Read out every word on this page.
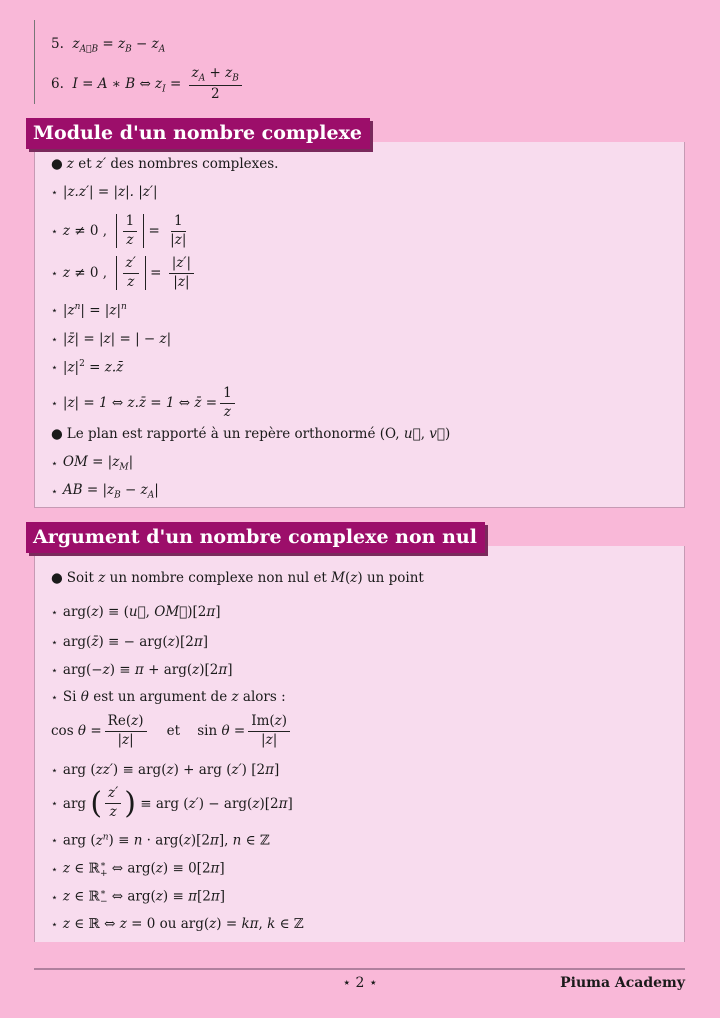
5.  $z_{A⃗B} = z_B - z_A$
6.  I = A ∗ B ⇔ $z_I = \frac{z_A + z_B}{2}$
Module d'un nombre complexe
● z
et
z′
des nombres complexes.
⋆ |z.z′| = |z|. |z′|
⋆ z ≠ 0 ,	$\frac{1}{z} = \frac{1}{|z|}$
⋆ z ≠ 0 ,	$\frac{z'}{z} = \frac{|z'|}{|z|}$
⋆ $|z^n| = |z|^n$
⋆ |z̄| = |z| = | − z|
⋆ $|z|^2$ = z.z̄
⋆ |z| = 1 ⇔ z.z̄ = 1 ⇔ z̄ = $\frac{1}{z}$
● Le plan est rapporté à un repère orthonormé
(O, u⃗, v⃗)
⋆ OM = $|z_M|$
⋆ AB = $|z_B - z_A|$
Argument d'un nombre complexe non nul
● Soit
z
un nombre complexe non nul et
M(z)
un point
⋆ arg(z) ≡ (u⃗, OM⃗)[2π]
⋆ arg(z̄) ≡ − arg(z)[2π]
⋆ arg(−z) ≡ π + arg(z)[2π]
⋆ Si
θ
est un argument de
z
alors :
$\cos \theta = \frac{Re(z)}{|z|}$	et    $\sin \theta = \frac{Im(z)}{|z|}$
⋆ arg (zz′) ≡ arg(z) + arg (z′) [2π]
⋆ arg ( $\frac{z'}{z}$ ) ≡ arg (z′) − arg(z)[2π]
⋆ arg $(z^n) \equiv n \cdot arg(z)[2\pi]$, n ∈ ℤ
⋆ z ∈ ℝ∗$_+$ ⇔ arg(z) ≡ 0[2π]
⋆ z ∈ ℝ∗$_-$ ⇔ arg(z) ≡ π[2π]
⋆ z ∈ ℝ ⇔ z = 0 ou arg(z) = kπ, k ∈ ℤ
⋆ 2 ⋆	Piuma Academy
